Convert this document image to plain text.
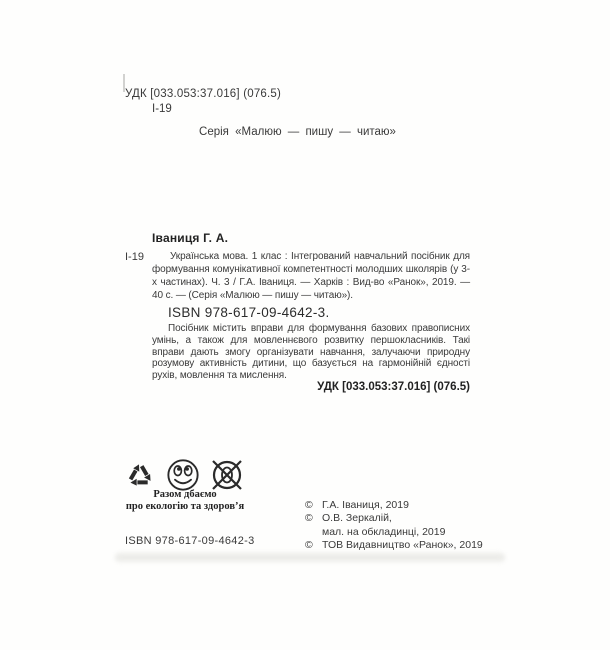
УДК [033.053:37.016] (076.5)
І-19
Серія «Малюю — пишу — читаю»
Іваниця Г. А.
І-19	Українська мова. 1 клас : Інтегрований навчальний посібник для формування комунікативної компетентності молодших школярів (у 3-х частинах). Ч. 3 / Г.А. Іваниця. — Харків : Вид-во «Ранок», 2019. — 40 с. — (Серія «Малюю — пишу — читаю»).
ISBN 978-617-09-4642-3.
Посібник містить вправи для формування базових правописних умінь, а також для мовленнєвого розвитку першокласників. Такі вправи дають змогу організувати навчання, залучаючи природну розумову активність дитини, що базується на гармонійній єдності рухів, мовлення та мислення.
УДК [033.053:37.016] (076.5)
Разом дбаємо
про екологію та здоров’я
ISBN 978-617-09-4642-3
© Г.А. Іваниця, 2019
© О.В. Зеркалій,
мал. на обкладинці, 2019
© ТОВ Видавництво «Ранок», 2019
